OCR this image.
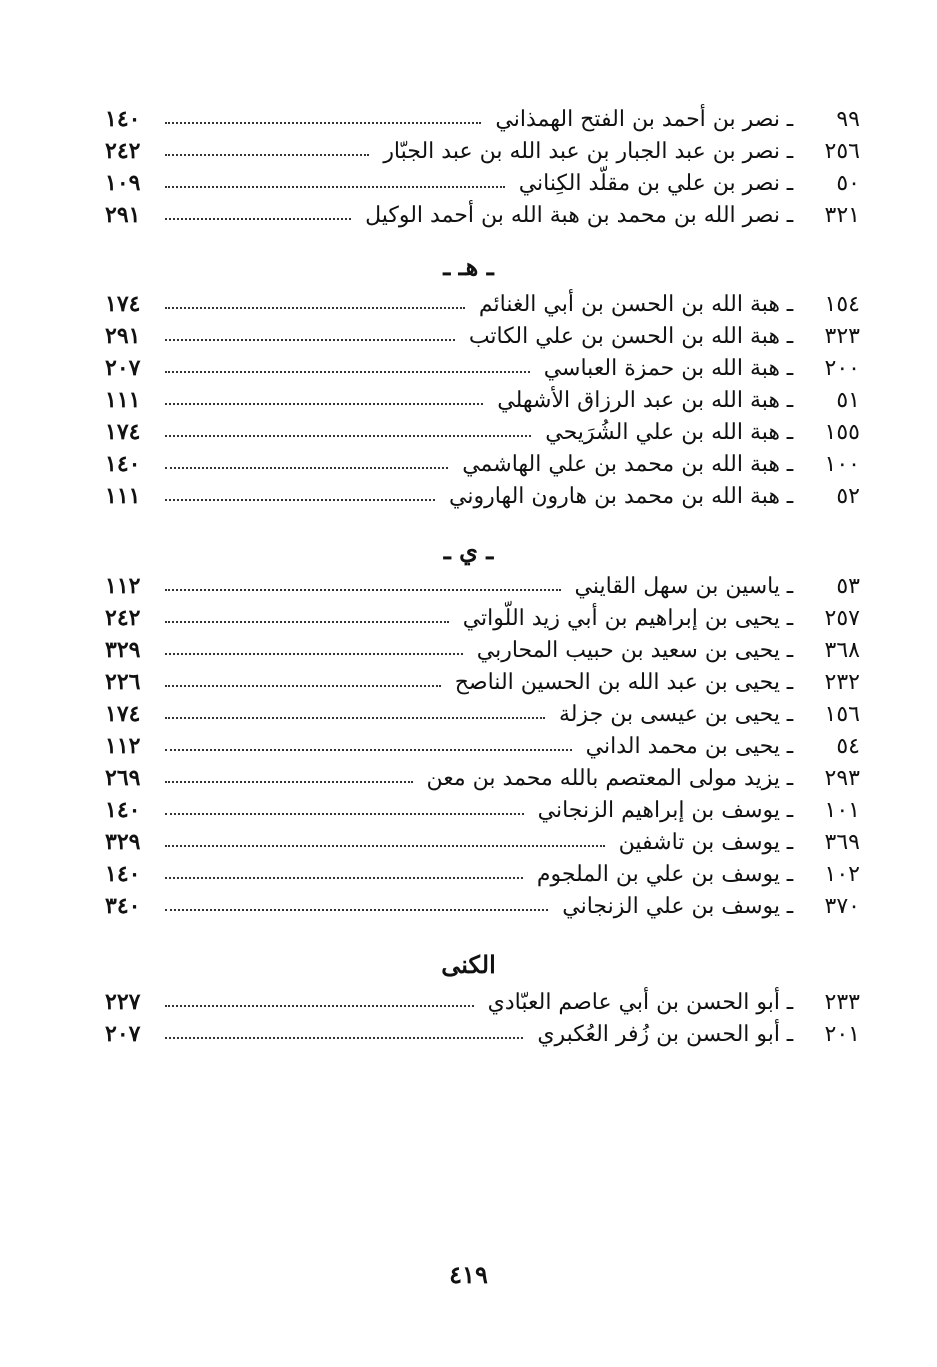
٩٩
ـ
نصر بن أحمد بن الفتح الهمذاني
١٤٠
٢٥٦
ـ
نصر بن عبد الجبار بن عبد الله بن عبد الجبّار
٢٤٢
٥٠
ـ
نصر بن علي بن مقلّد الكِناني
١٠٩
٣٢١
ـ
نصر الله بن محمد بن هبة الله بن أحمد الوكيل
٢٩١
ـ هـ ـ
١٥٤
ـ
هبة الله بن الحسن بن أبي الغنائم
١٧٤
٣٢٣
ـ
هبة الله بن الحسن بن علي الكاتب
٢٩١
٢٠٠
ـ
هبة الله بن حمزة العباسي
٢٠٧
٥١
ـ
هبة الله بن عبد الرزاق الأشهلي
١١١
١٥٥
ـ
هبة الله بن علي الشُرَيحي
١٧٤
١٠٠
ـ
هبة الله بن محمد بن علي الهاشمي
١٤٠
٥٢
ـ
هبة الله بن محمد بن هارون الهاروني
١١١
ـ ي ـ
٥٣
ـ
ياسين بن سهل القايني
١١٢
٢٥٧
ـ
يحيى بن إبراهيم بن أبي زيد اللّواتي
٢٤٢
٣٦٨
ـ
يحيى بن سعيد بن حبيب المحاربي
٣٢٩
٢٣٢
ـ
يحيى بن عبد الله بن الحسين الناصح
٢٢٦
١٥٦
ـ
يحيى بن عيسى بن جزلة
١٧٤
٥٤
ـ
يحيى بن محمد الداني
١١٢
٢٩٣
ـ
يزيد مولى المعتصم بالله محمد بن معن
٢٦٩
١٠١
ـ
يوسف بن إبراهيم الزنجاني
١٤٠
٣٦٩
ـ
يوسف بن تاشفين
٣٢٩
١٠٢
ـ
يوسف بن علي بن الملجوم
١٤٠
٣٧٠
ـ
يوسف بن علي الزنجاني
٣٤٠
الكنى
٢٣٣
ـ
أبو الحسن بن أبي عاصم العبّادي
٢٢٧
٢٠١
ـ
أبو الحسن بن زُفر العُكبري
٢٠٧
٤١٩
